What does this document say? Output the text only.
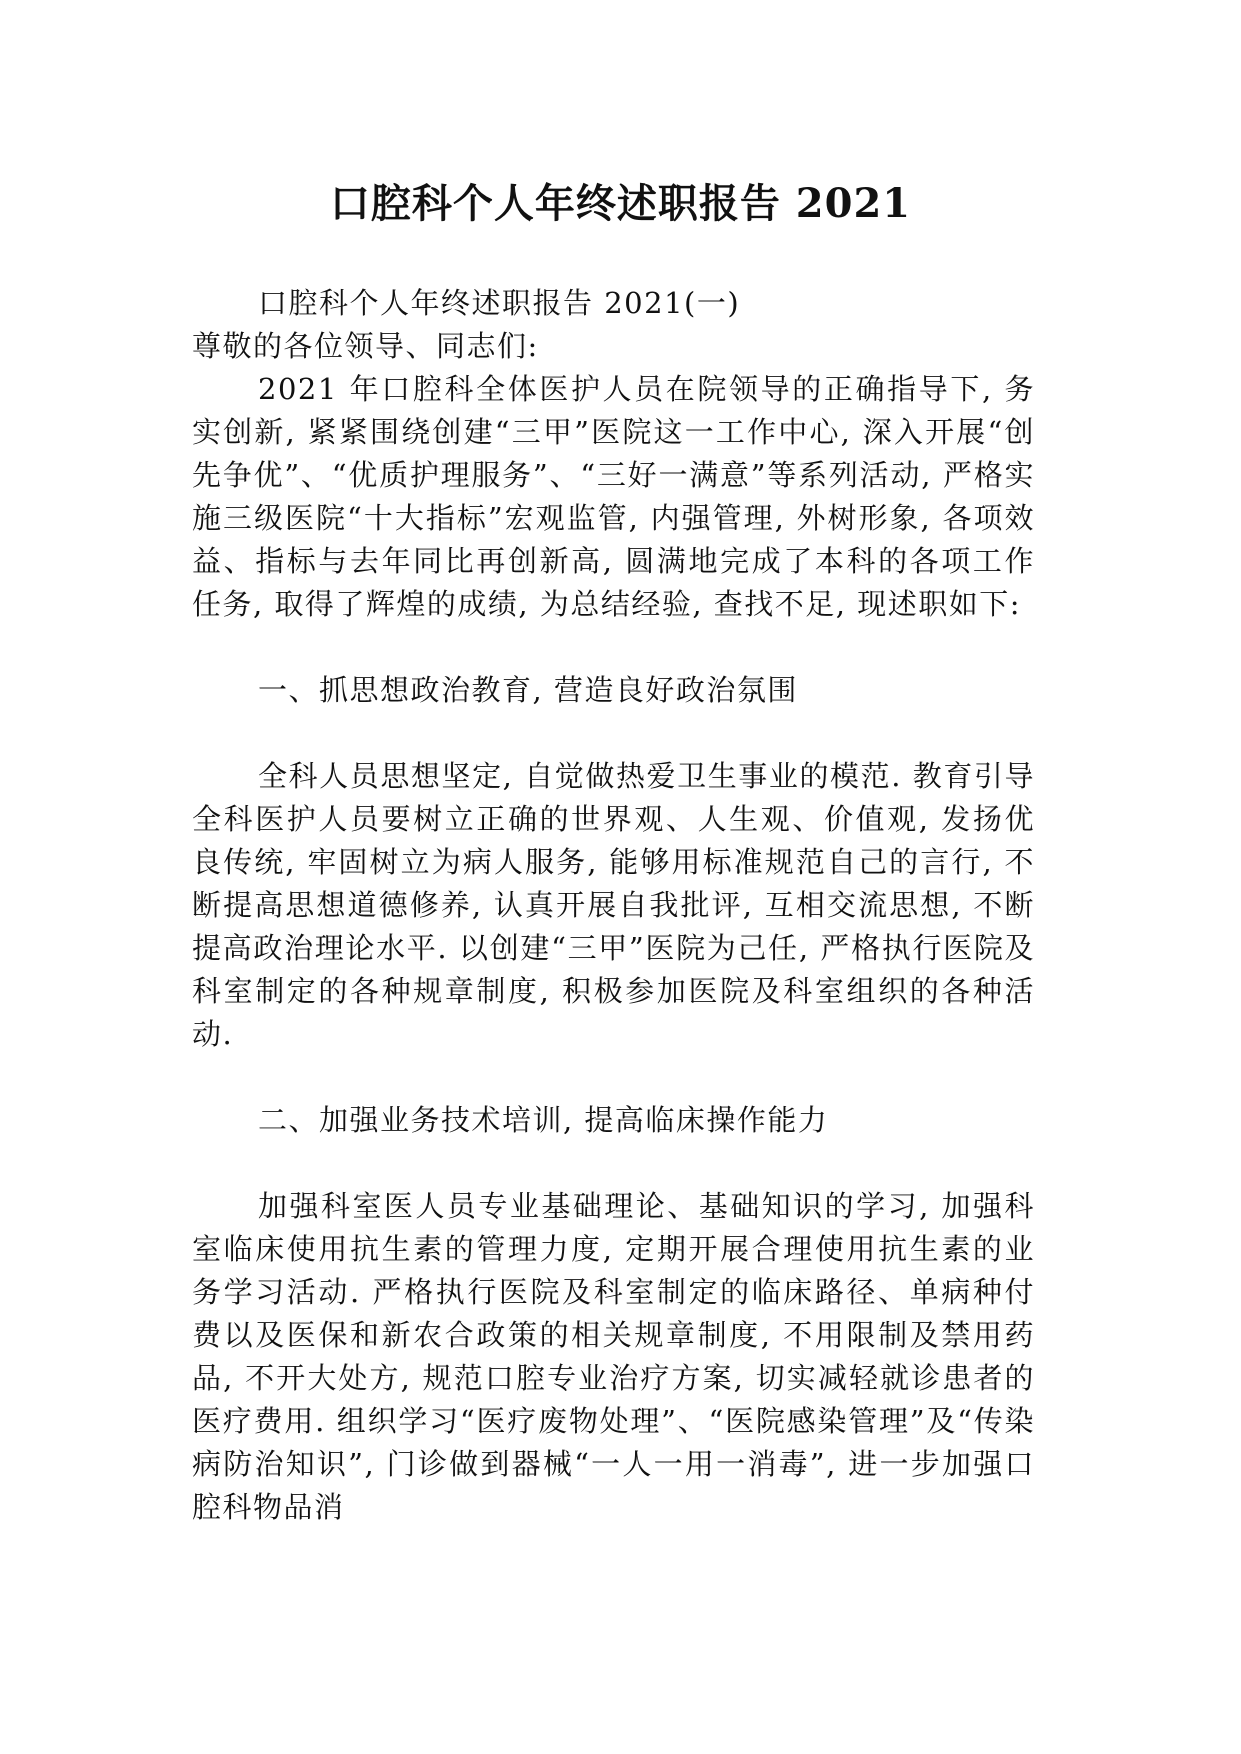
口腔科个人年终述职报告 2021

口腔科个人年终述职报告 2021(一)

尊敬的各位领导、同志们:

2021 年口腔科全体医护人员在院领导的正确指导下, 务实创新, 紧紧围绕创建“三甲”医院这一工作中心, 深入开展“创先争优”、“优质护理服务”、“三好一满意”等系列活动, 严格实施三级医院“十大指标”宏观监管, 内强管理, 外树形象, 各项效益、指标与去年同比再创新高, 圆满地完成了本科的各项工作任务, 取得了辉煌的成绩, 为总结经验, 查找不足, 现述职如下:

一、抓思想政治教育, 营造良好政治氛围

全科人员思想坚定, 自觉做热爱卫生事业的模范. 教育引导全科医护人员要树立正确的世界观、人生观、价值观, 发扬优良传统, 牢固树立为病人服务, 能够用标准规范自己的言行, 不断提高思想道德修养, 认真开展自我批评, 互相交流思想, 不断提高政治理论水平. 以创建“三甲”医院为己任, 严格执行医院及科室制定的各种规章制度, 积极参加医院及科室组织的各种活动.

二、加强业务技术培训, 提高临床操作能力

加强科室医人员专业基础理论、基础知识的学习, 加强科室临床使用抗生素的管理力度, 定期开展合理使用抗生素的业务学习活动. 严格执行医院及科室制定的临床路径、单病种付费以及医保和新农合政策的相关规章制度, 不用限制及禁用药品, 不开大处方, 规范口腔专业治疗方案, 切实减轻就诊患者的医疗费用. 组织学习“医疗废物处理”、“医院感染管理”及“传染病防治知识”, 门诊做到器械“一人一用一消毒”, 进一步加强口腔科物品消
